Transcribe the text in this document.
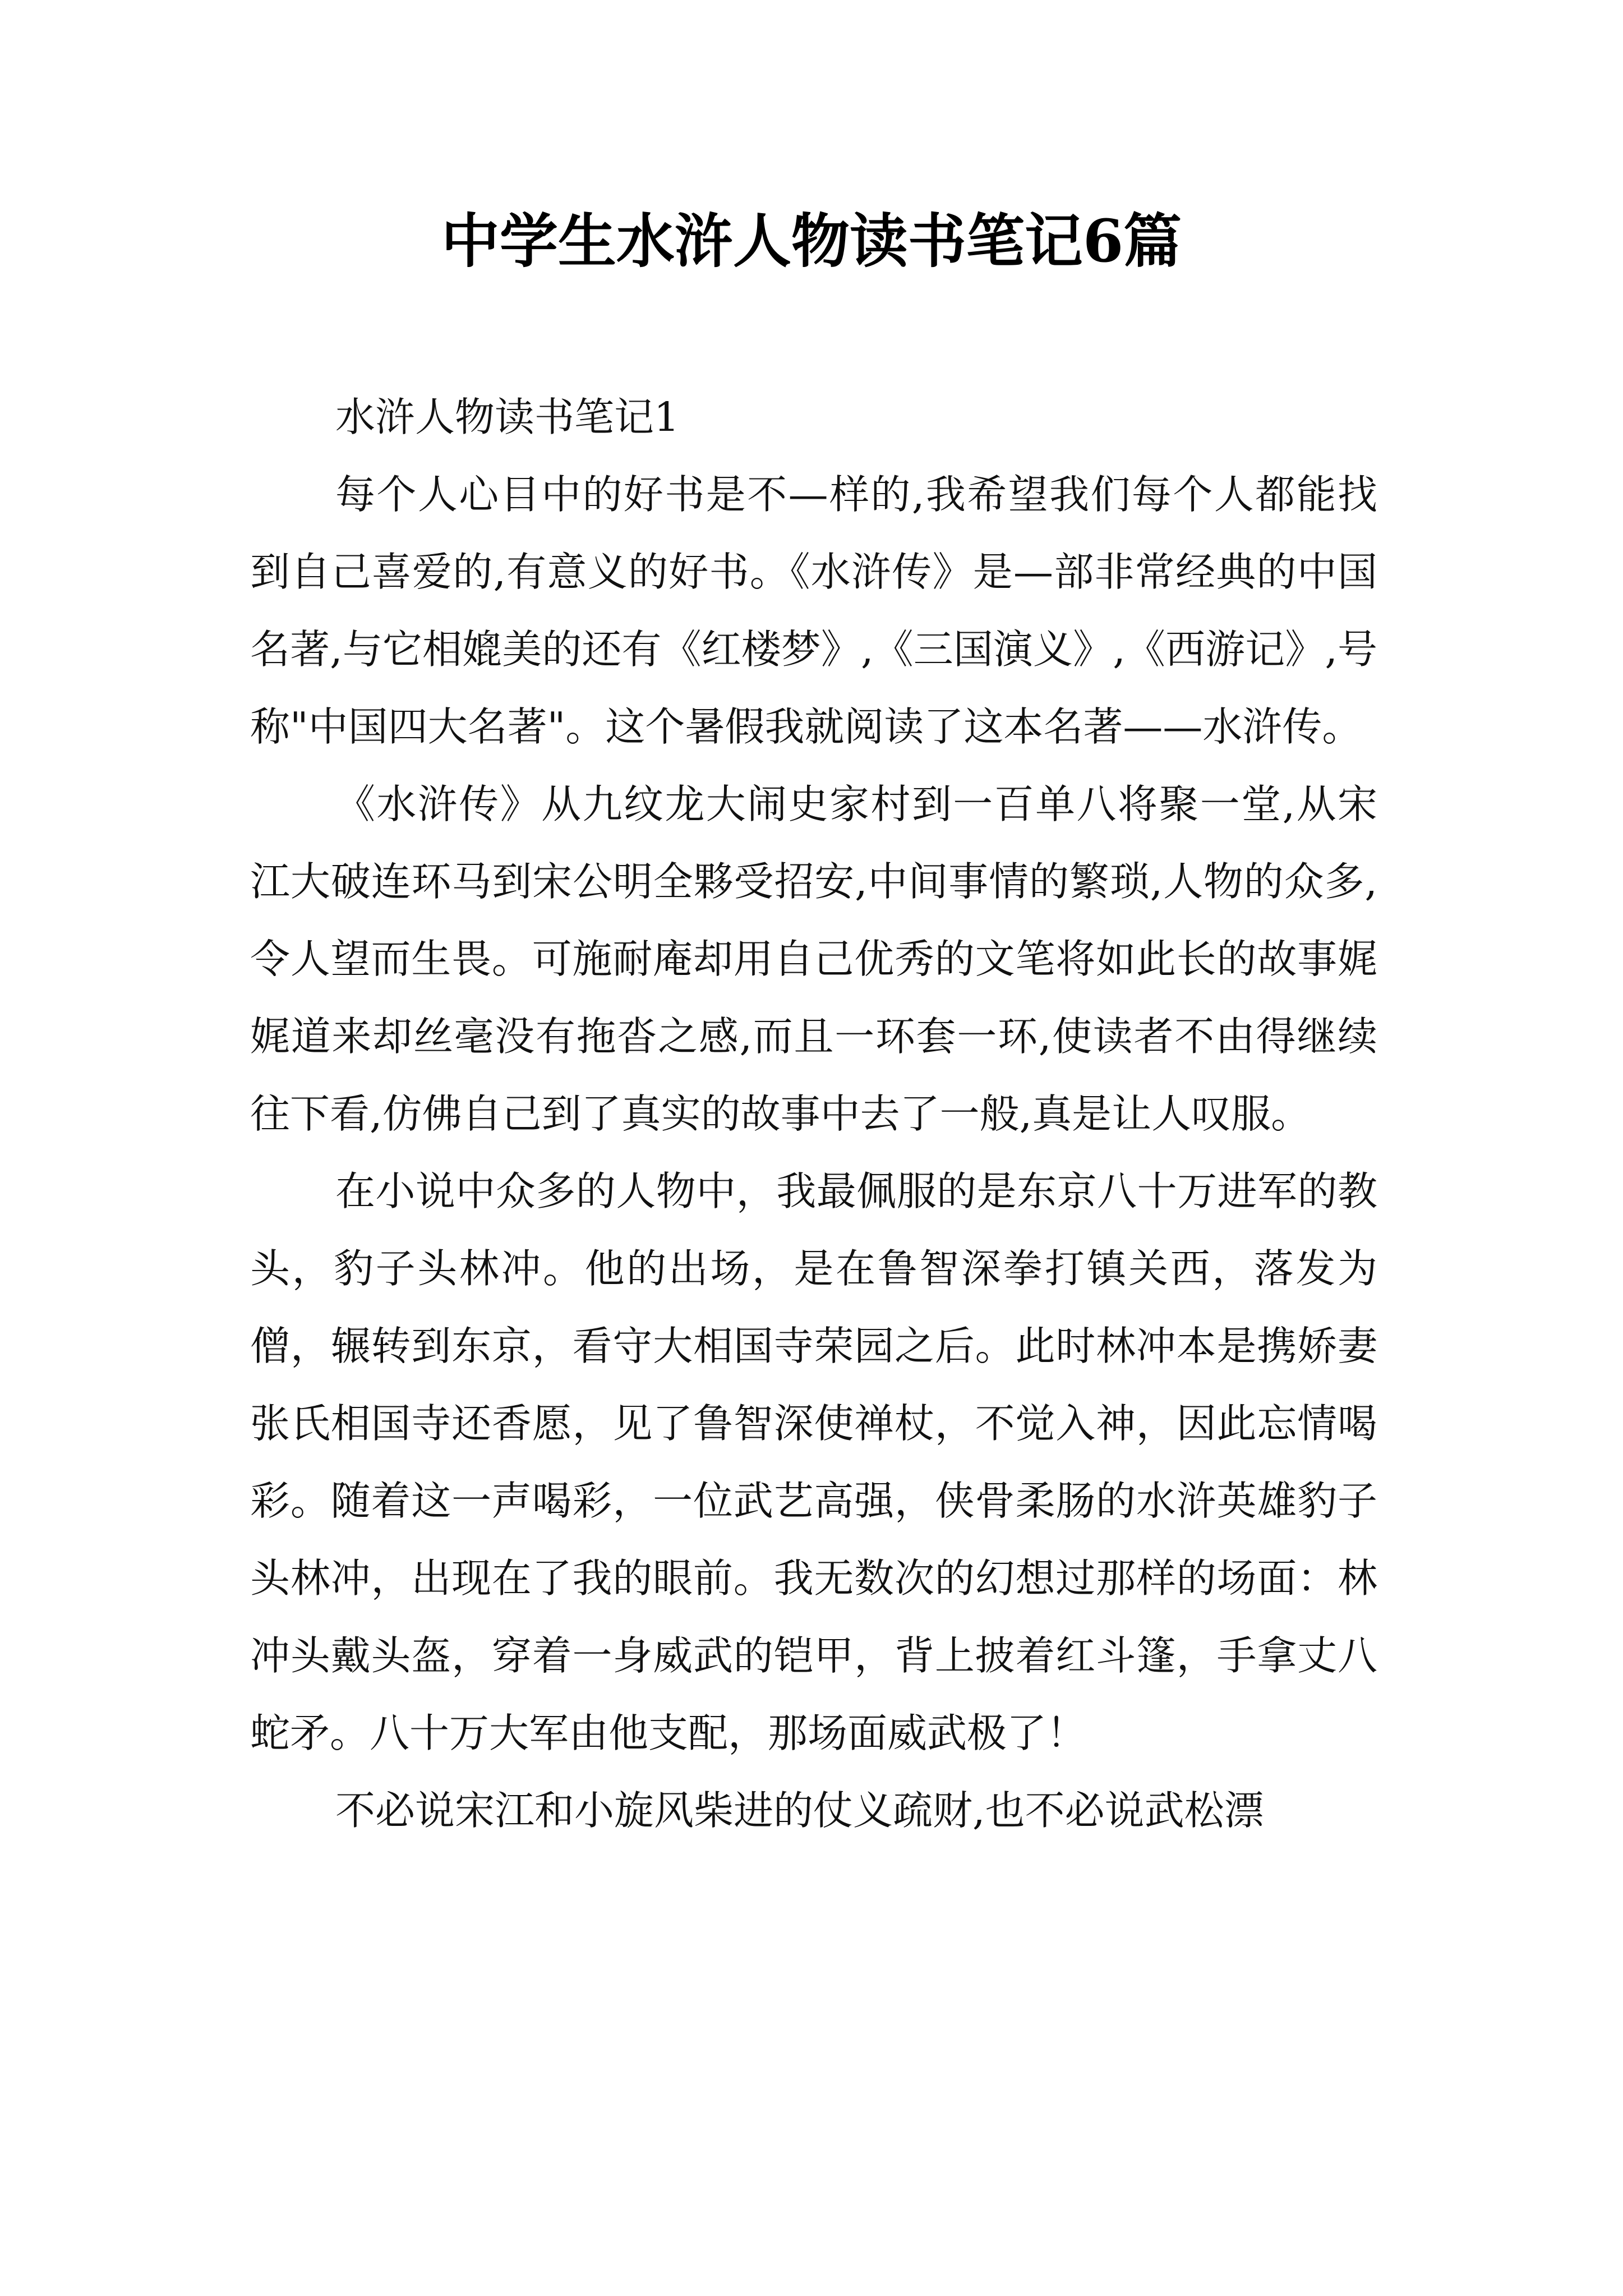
中学生水浒人物读书笔记6篇

水浒人物读书笔记1

每个人心目中的好书是不—样的,我希望我们每个人都能找到自己喜爱的,有意义的好书。《水浒传》是—部非常经典的中国名著,与它相媲美的还有《红楼梦》,《三国演义》,《西游记》,号称"中国四大名著"。这个暑假我就阅读了这本名著——水浒传。

《水浒传》从九纹龙大闹史家村到一百单八将聚一堂,从宋江大破连环马到宋公明全夥受招安,中间事情的繁琐,人物的众多,令人望而生畏。可施耐庵却用自己优秀的文笔将如此长的故事娓娓道来却丝毫没有拖沓之感,而且一环套一环,使读者不由得继续往下看,仿佛自己到了真实的故事中去了一般,真是让人叹服。

在小说中众多的人物中，我最佩服的是东京八十万进军的教头，豹子头林冲。他的出场，是在鲁智深拳打镇关西，落发为僧，辗转到东京，看守大相国寺荣园之后。此时林冲本是携娇妻张氏相国寺还香愿，见了鲁智深使禅杖，不觉入神，因此忘情喝彩。随着这一声喝彩，一位武艺高强，侠骨柔肠的水浒英雄豹子头林冲，出现在了我的眼前。我无数次的幻想过那样的场面：林冲头戴头盔，穿着一身威武的铠甲，背上披着红斗篷，手拿丈八蛇矛。八十万大军由他支配，那场面威武极了！

不必说宋江和小旋风柴进的仗义疏财,也不必说武松漂
